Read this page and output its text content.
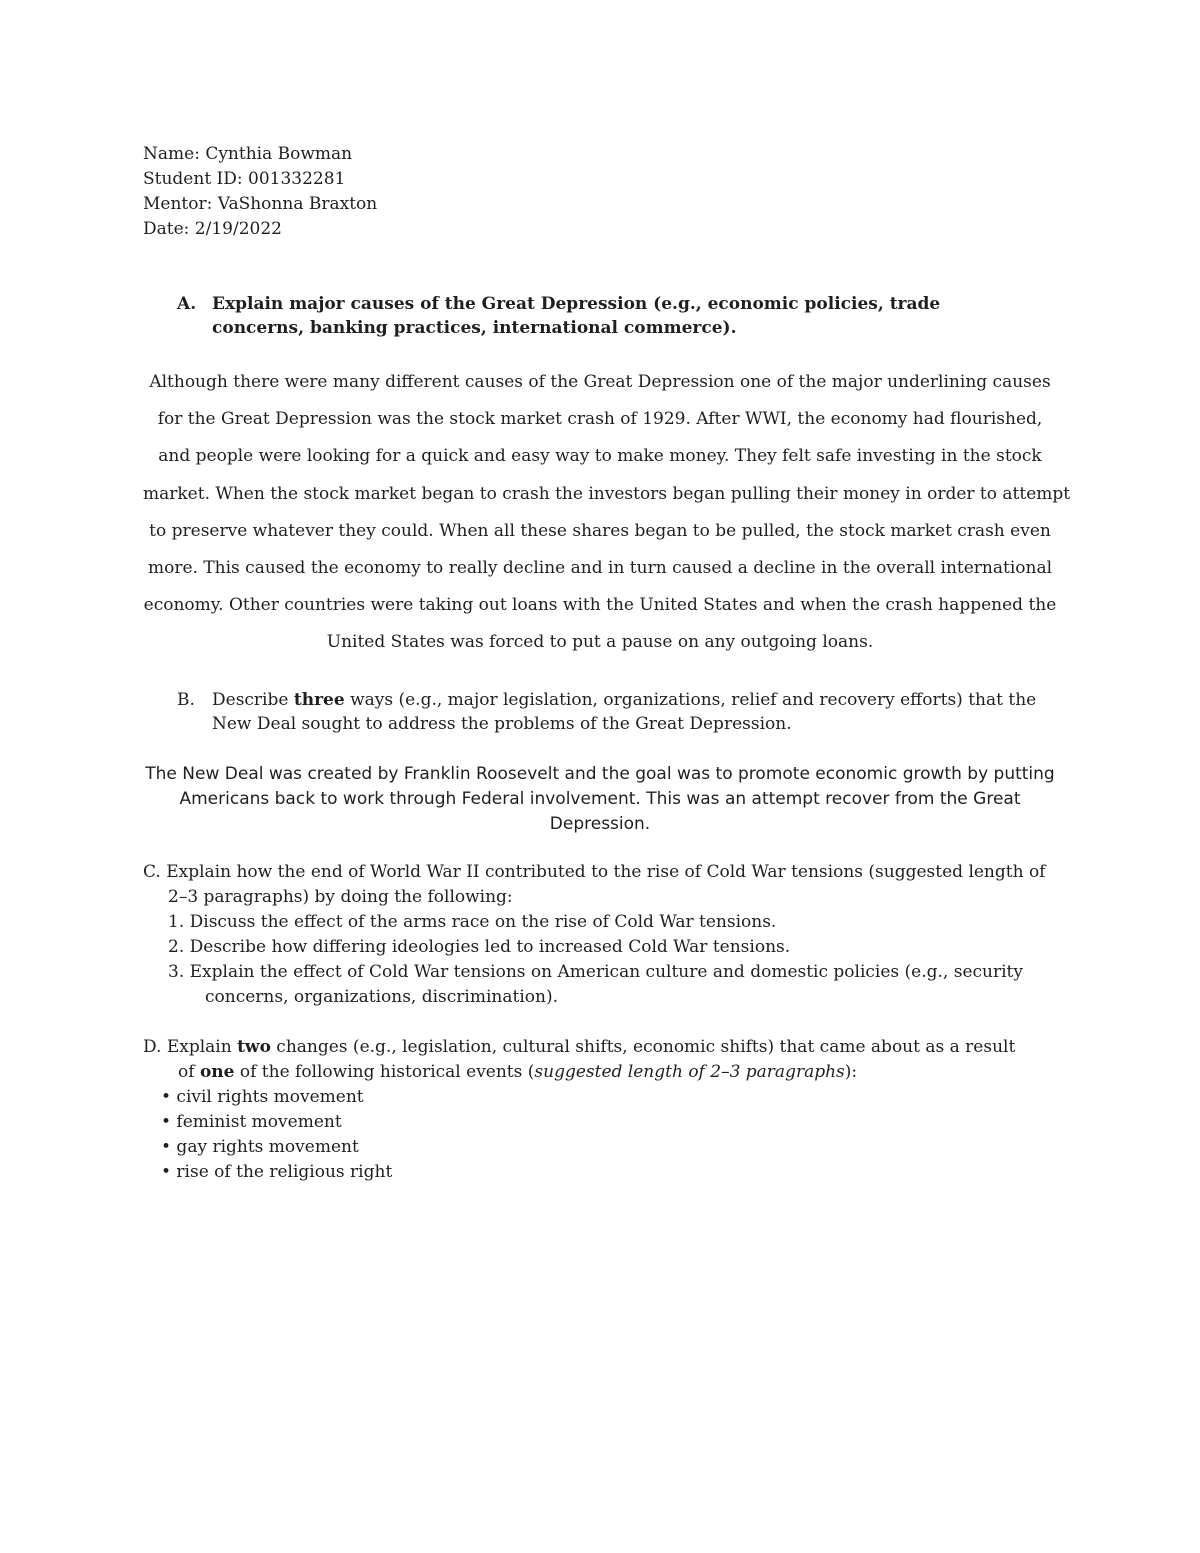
Name: Cynthia Bowman
Student ID: 001332281
Mentor: VaShonna Braxton
Date: 2/19/2022
A. Explain major causes of the Great Depression (e.g., economic policies, trade concerns, banking practices, international commerce).
Although there were many different causes of the Great Depression one of the major underlining causes
for the Great Depression was the stock market crash of 1929. After WWI, the economy had flourished,
and people were looking for a quick and easy way to make money. They felt safe investing in the stock
market. When the stock market began to crash the investors began pulling their money in order to attempt
to preserve whatever they could. When all these shares began to be pulled, the stock market crash even
more. This caused the economy to really decline and in turn caused a decline in the overall international
economy. Other countries were taking out loans with the United States and when the crash happened the
United States was forced to put a pause on any outgoing loans.
B. Describe three ways (e.g., major legislation, organizations, relief and recovery efforts) that the New Deal sought to address the problems of the Great Depression.
The New Deal was created by Franklin Roosevelt and the goal was to promote economic growth by putting Americans back to work through Federal involvement. This was an attempt recover from the Great Depression.
C. Explain how the end of World War II contributed to the rise of Cold War tensions (suggested length of
2–3 paragraphs) by doing the following:
1. Discuss the effect of the arms race on the rise of Cold War tensions.
2. Describe how differing ideologies led to increased Cold War tensions.
3. Explain the effect of Cold War tensions on American culture and domestic policies (e.g., security
concerns, organizations, discrimination).
D. Explain two changes (e.g., legislation, cultural shifts, economic shifts) that came about as a result
of one of the following historical events (suggested length of 2–3 paragraphs):
• civil rights movement
• feminist movement
• gay rights movement
• rise of the religious right
